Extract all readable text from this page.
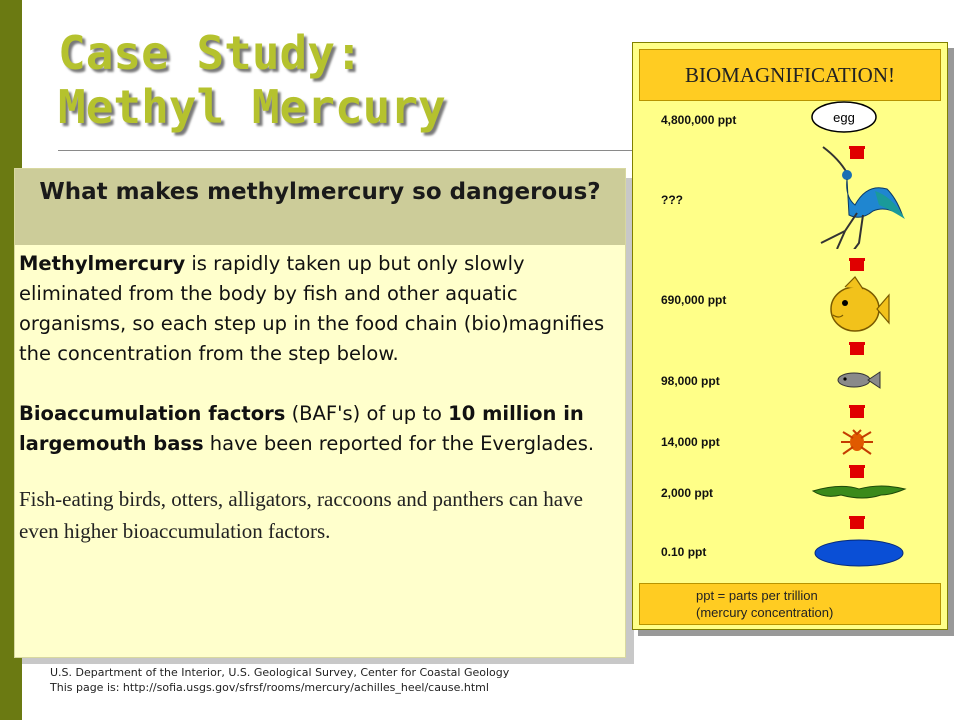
Case Study:
Methyl Mercury
What makes methylmercury so dangerous?

Methylmercury is rapidly taken up but only slowly eliminated from the body by fish and other aquatic organisms, so each step up in the food chain (bio)magnifies the concentration from the step below.

Bioaccumulation factors (BAF's) of up to 10 million in largemouth bass have been reported for the Everglades.

Fish-eating birds, otters, alligators, raccoons and panthers can have even higher bioaccumulation factors.

U.S. Department of the Interior, U.S. Geological Survey, Center for Coastal Geology
This page is: http://sofia.usgs.gov/sfrsf/rooms/mercury/achilles_heel/cause.html
BIOMAGNIFICATION!
4,800,000 ppt
???
690,000 ppt
98,000 ppt
14,000 ppt
2,000 ppt
0.10 ppt
egg
ppt = parts per trillion
(mercury concentration)
